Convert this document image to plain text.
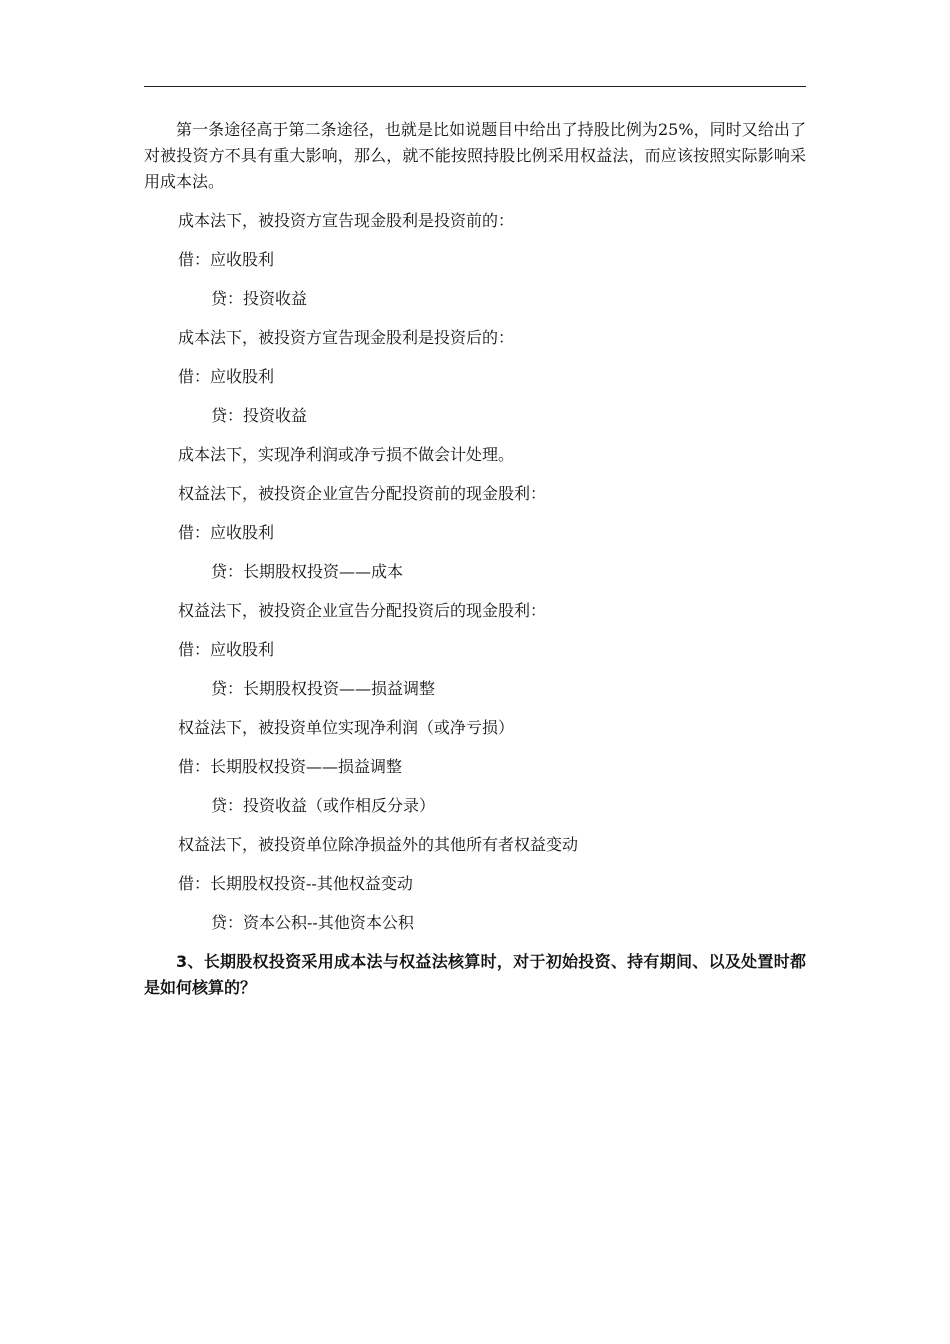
第一条途径高于第二条途径，也就是比如说题目中给出了持股比例为25%，同时又给出了对被投资方不具有重大影响，那么，就不能按照持股比例采用权益法，而应该按照实际影响采用成本法。

成本法下，被投资方宣告现金股利是投资前的：
借：应收股利
贷：投资收益
成本法下，被投资方宣告现金股利是投资后的：
借：应收股利
贷：投资收益
成本法下，实现净利润或净亏损不做会计处理。
权益法下，被投资企业宣告分配投资前的现金股利：
借：应收股利
贷：长期股权投资——成本
权益法下，被投资企业宣告分配投资后的现金股利：
借：应收股利
贷：长期股权投资——损益调整
权益法下，被投资单位实现净利润（或净亏损）
借：长期股权投资——损益调整
贷：投资收益（或作相反分录）
权益法下，被投资单位除净损益外的其他所有者权益变动
借：长期股权投资--其他权益变动
贷：资本公积--其他资本公积

3、长期股权投资采用成本法与权益法核算时，对于初始投资、持有期间、以及处置时都是如何核算的？
